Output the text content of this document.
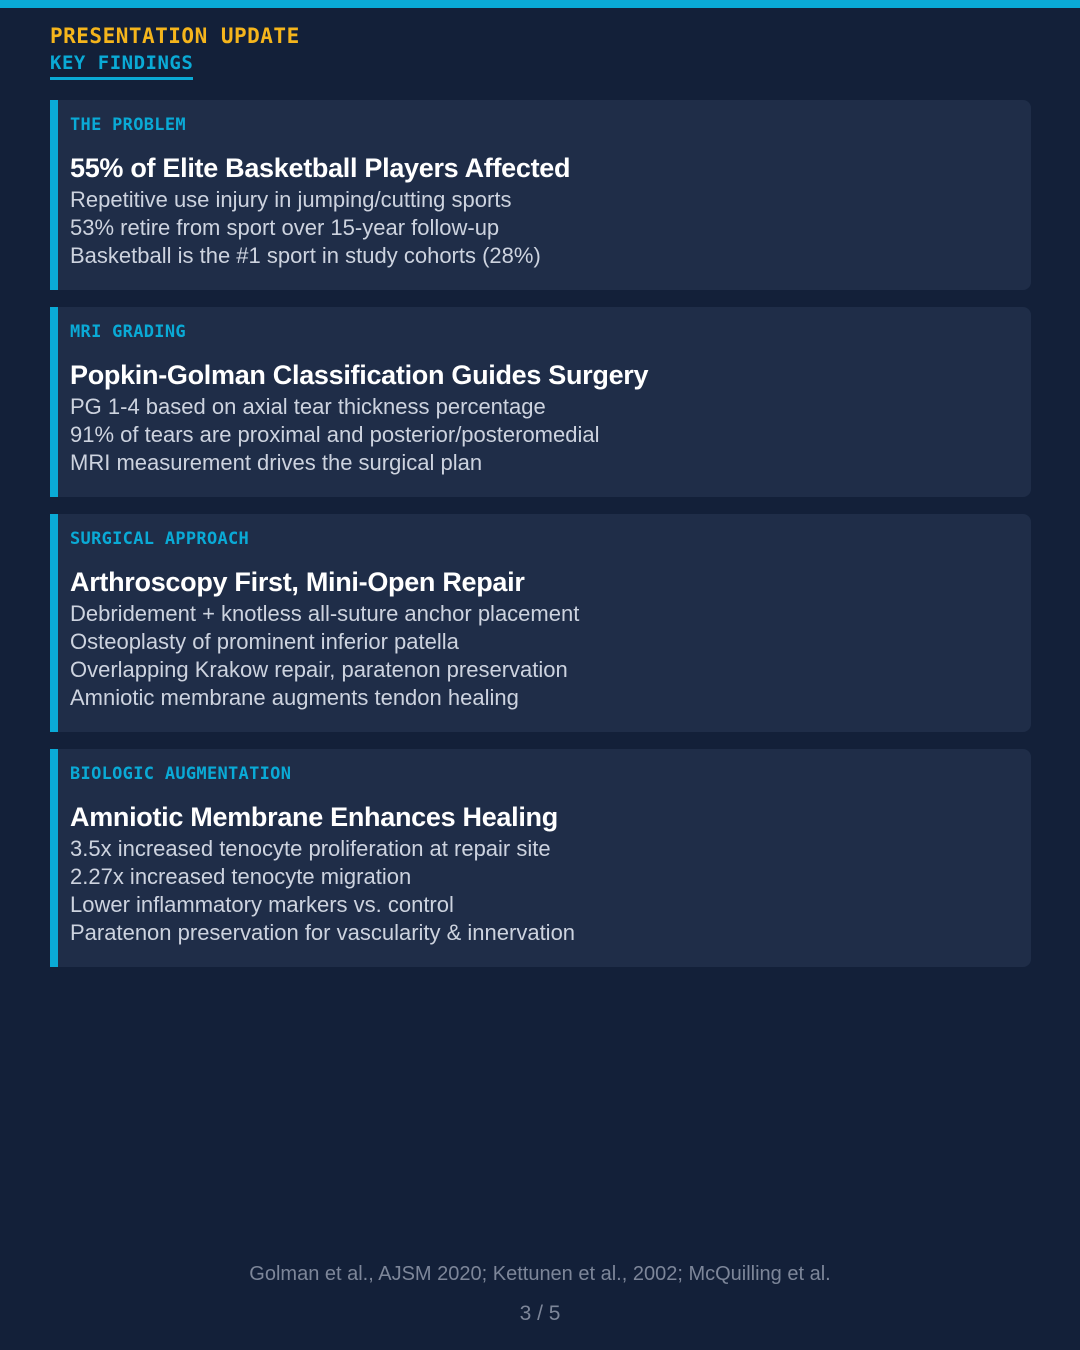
PRESENTATION UPDATE
KEY FINDINGS
THE PROBLEM
55% of Elite Basketball Players Affected
Repetitive use injury in jumping/cutting sports
53% retire from sport over 15-year follow-up
Basketball is the #1 sport in study cohorts (28%)
MRI GRADING
Popkin-Golman Classification Guides Surgery
PG 1-4 based on axial tear thickness percentage
91% of tears are proximal and posterior/posteromedial
MRI measurement drives the surgical plan
SURGICAL APPROACH
Arthroscopy First, Mini-Open Repair
Debridement + knotless all-suture anchor placement
Osteoplasty of prominent inferior patella
Overlapping Krakow repair, paratenon preservation
Amniotic membrane augments tendon healing
BIOLOGIC AUGMENTATION
Amniotic Membrane Enhances Healing
3.5x increased tenocyte proliferation at repair site
2.27x increased tenocyte migration
Lower inflammatory markers vs. control
Paratenon preservation for vascularity & innervation
Golman et al., AJSM 2020; Kettunen et al., 2002; McQuilling et al.
3 / 5
